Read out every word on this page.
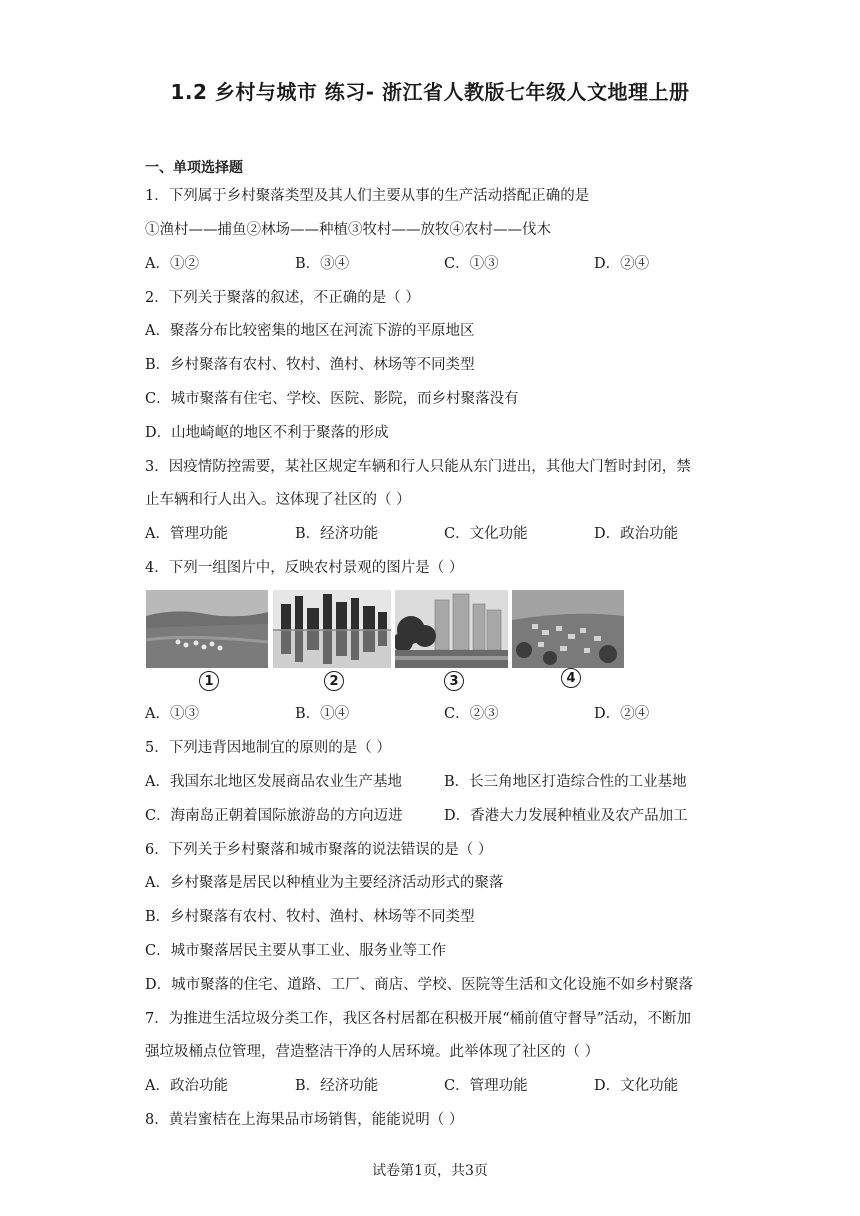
1.2 乡村与城市 练习- 浙江省人教版七年级人文地理上册
一、单项选择题
1．下列属于乡村聚落类型及其人们主要从事的生产活动搭配正确的是
①渔村——捕鱼②林场——种植③牧村——放牧④农村——伐木
A．①②	B．③④	C．①③	D．②④
2．下列关于聚落的叙述，不正确的是（ ）
A．聚落分布比较密集的地区在河流下游的平原地区
B．乡村聚落有农村、牧村、渔村、林场等不同类型
C．城市聚落有住宅、学校、医院、影院，而乡村聚落没有
D．山地崎岖的地区不利于聚落的形成
3．因疫情防控需要，某社区规定车辆和行人只能从东门进出，其他大门暂时封闭，禁
止车辆和行人出入。这体现了社区的（ ）
A．管理功能	B．经济功能	C．文化功能	D．政治功能
4．下列一组图片中，反映农村景观的图片是（ ）
1	2	3	4
A．①③	B．①④	C．②③	D．②④
5．下列违背因地制宜的原则的是（ ）
A．我国东北地区发展商品农业生产基地	B．长三角地区打造综合性的工业基地
C．海南岛正朝着国际旅游岛的方向迈进	D．香港大力发展种植业及农产品加工
6．下列关于乡村聚落和城市聚落的说法错误的是（ ）
A．乡村聚落是居民以种植业为主要经济活动形式的聚落
B．乡村聚落有农村、牧村、渔村、林场等不同类型
C．城市聚落居民主要从事工业、服务业等工作
D．城市聚落的住宅、道路、工厂、商店、学校、医院等生活和文化设施不如乡村聚落
7．为推进生活垃圾分类工作，我区各村居都在积极开展“桶前值守督导”活动，不断加
强垃圾桶点位管理，营造整洁干净的人居环境。此举体现了社区的（ ）
A．政治功能	B．经济功能	C．管理功能	D．文化功能
8．黄岩蜜桔在上海果品市场销售，能能说明（ ）
试卷第1页，共3页
